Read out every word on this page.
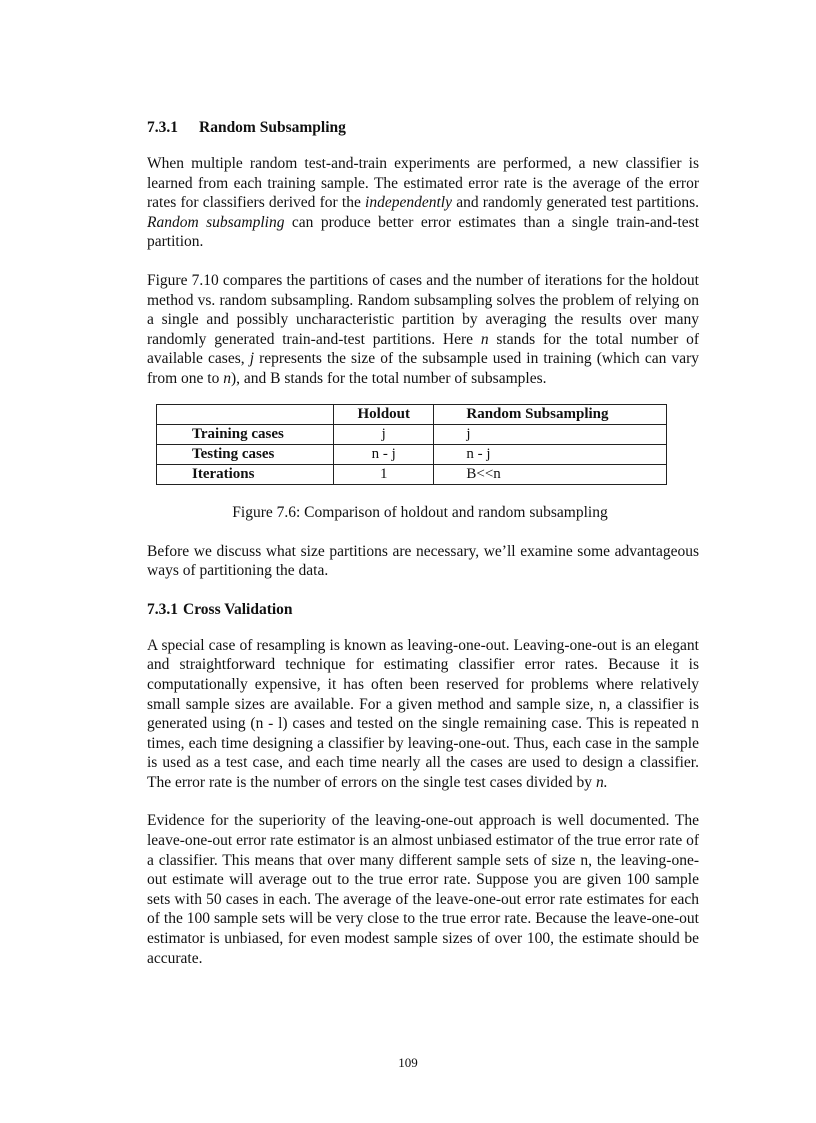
7.3.1 Random Subsampling

When multiple random test-and-train experiments are performed, a new classifier is learned from each training sample. The estimated error rate is the average of the error rates for classifiers derived for the independently and randomly generated test partitions. Random subsampling can produce better error estimates than a single train-and-test partition.

Figure 7.10 compares the partitions of cases and the number of iterations for the holdout method vs. random subsampling. Random subsampling solves the problem of relying on a single and possibly uncharacteristic partition by averaging the results over many randomly generated train-and-test partitions. Here n stands for the total number of available cases, j represents the size of the subsample used in training (which can vary from one to n), and B stands for the total number of subsamples.

	Holdout	Random Subsampling
Training cases	j	j
Testing cases	n - j	n - j
Iterations	1	B<<n

Figure 7.6: Comparison of holdout and random subsampling

Before we discuss what size partitions are necessary, we’ll examine some advantageous ways of partitioning the data.

7.3.1 Cross Validation

A special case of resampling is known as leaving-one-out. Leaving-one-out is an elegant and straightforward technique for estimating classifier error rates. Because it is computationally expensive, it has often been reserved for problems where relatively small sample sizes are available. For a given method and sample size, n, a classifier is generated using (n - l) cases and tested on the single remaining case. This is repeated n times, each time designing a classifier by leaving-one-out. Thus, each case in the sample is used as a test case, and each time nearly all the cases are used to design a classifier. The error rate is the number of errors on the single test cases divided by n.

Evidence for the superiority of the leaving-one-out approach is well documented. The leave-one-out error rate estimator is an almost unbiased estimator of the true error rate of a classifier. This means that over many different sample sets of size n, the leaving-one-out estimate will average out to the true error rate. Suppose you are given 100 sample sets with 50 cases in each. The average of the leave-one-out error rate estimates for each of the 100 sample sets will be very close to the true error rate. Because the leave-one-out estimator is unbiased, for even modest sample sizes of over 100, the estimate should be accurate.

109
